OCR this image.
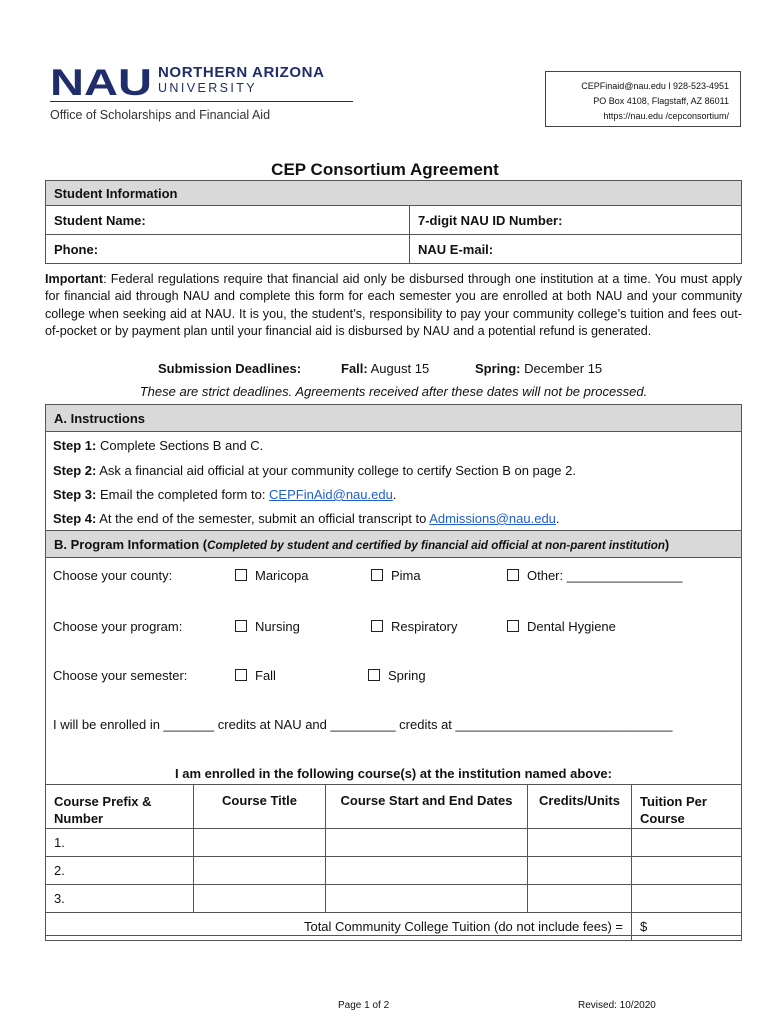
NAU NORTHERN ARIZONA
UNIVERSITY
Office of Scholarships and Financial Aid
CEPFinaid@nau.edu l 928-523-4951
PO Box 4108, Flagstaff, AZ 86011
https://nau.edu /cepconsortium/
CEP Consortium Agreement
Student Information	
Student Name:	7-digit NAU ID Number:
Phone:	NAU E-mail:
Important: Federal regulations require that financial aid only be disbursed through one institution at a time. You must apply for financial aid through NAU and complete this form for each semester you are enrolled at both NAU and your community college when seeking aid at NAU. It is you, the student’s, responsibility to pay your community college’s tuition and fees out-of-pocket or by payment plan until your financial aid is disbursed by NAU and a potential refund is generated.
Submission Deadlines:	Fall: August 15	Spring: December 15
These are strict deadlines. Agreements received after these dates will not be processed.
A. Instructions
Step 1: Complete Sections B and C.
Step 2: Ask a financial aid official at your community college to certify Section B on page 2.
Step 3: Email the completed form to: CEPFinAid@nau.edu.
Step 4: At the end of the semester, submit an official transcript to Admissions@nau.edu.
B. Program Information (Completed by student and certified by financial aid official at non-parent institution)
Choose your county:	Maricopa	Pima	Other: ________________
Choose your program:	Nursing	Respiratory	Dental Hygiene
Choose your semester:	Fall	Spring
I will be enrolled in _______ credits at NAU and _________ credits at ______________________________
I am enrolled in the following course(s) at the institution named above:
Course Prefix & Number	Course Title	Course Start and End Dates	Credits/Units	Tuition Per Course
1.				
2.				
3.				
Total Community College Tuition (do not include fees) =				$
Page 1 of 2	Revised: 10/2020
